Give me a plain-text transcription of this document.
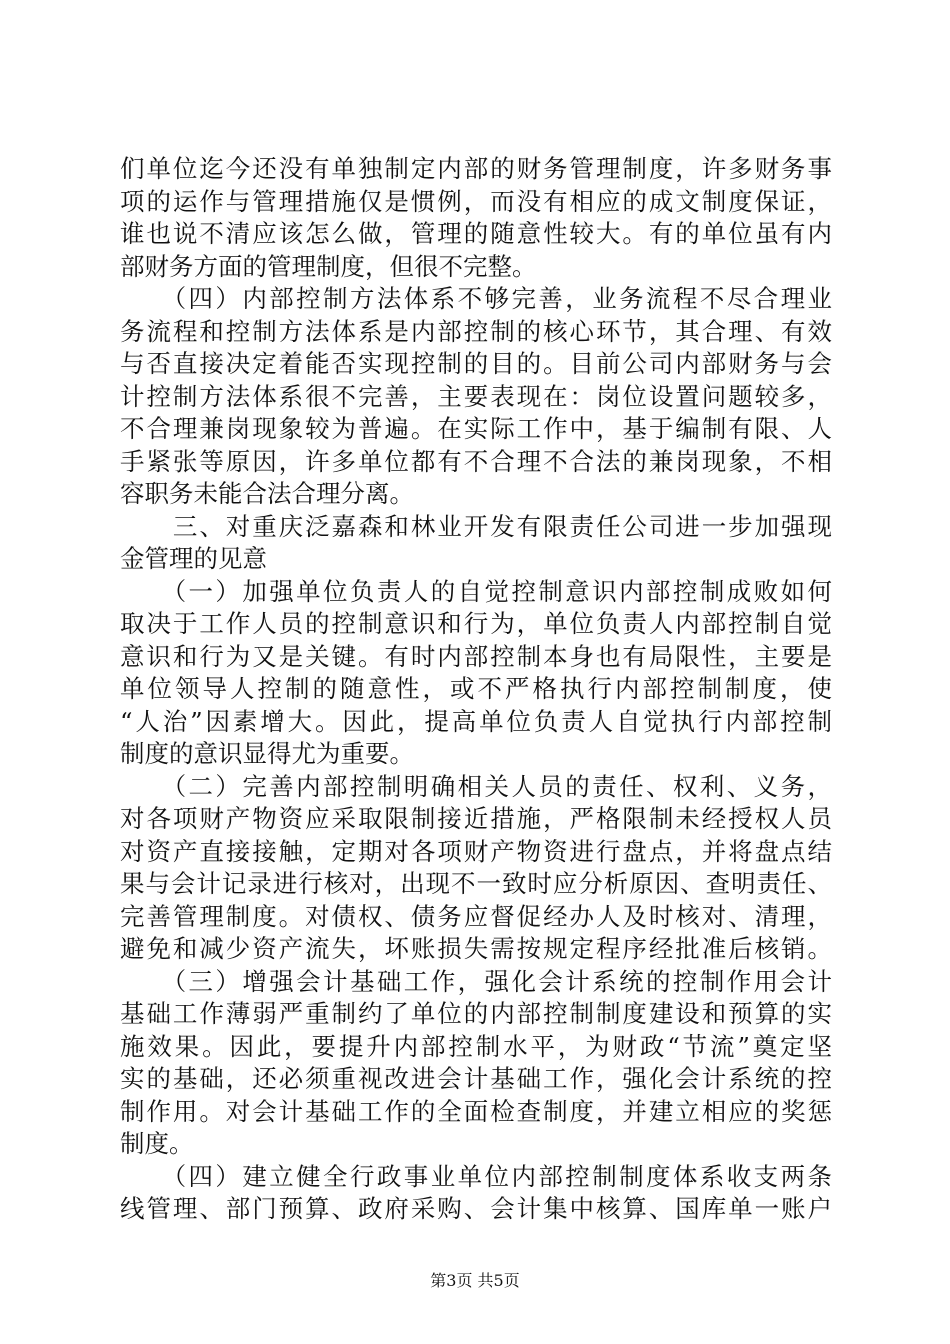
们单位迄今还没有单独制定内部的财务管理制度，许多财务事
项的运作与管理措施仅是惯例，而没有相应的成文制度保证，
谁也说不清应该怎么做，管理的随意性较大。有的单位虽有内
部财务方面的管理制度，但很不完整。
　　（四）内部控制方法体系不够完善，业务流程不尽合理业
务流程和控制方法体系是内部控制的核心环节，其合理、有效
与否直接决定着能否实现控制的目的。目前公司内部财务与会
计控制方法体系很不完善，主要表现在：岗位设置问题较多，
不合理兼岗现象较为普遍。在实际工作中，基于编制有限、人
手紧张等原因，许多单位都有不合理不合法的兼岗现象，不相
容职务未能合法合理分离。
　　三、对重庆泛嘉森和林业开发有限责任公司进一步加强现
金管理的见意
　　（一）加强单位负责人的自觉控制意识内部控制成败如何
取决于工作人员的控制意识和行为，单位负责人内部控制自觉
意识和行为又是关键。有时内部控制本身也有局限性，主要是
单位领导人控制的随意性，或不严格执行内部控制制度，使
“人治”因素增大。因此，提高单位负责人自觉执行内部控制
制度的意识显得尤为重要。
　　（二）完善内部控制明确相关人员的责任、权利、义务，
对各项财产物资应采取限制接近措施，严格限制未经授权人员
对资产直接接触，定期对各项财产物资进行盘点，并将盘点结
果与会计记录进行核对，出现不一致时应分析原因、查明责任、
完善管理制度。对债权、债务应督促经办人及时核对、清理，
避免和减少资产流失，坏账损失需按规定程序经批准后核销。
　　（三）增强会计基础工作，强化会计系统的控制作用会计
基础工作薄弱严重制约了单位的内部控制制度建设和预算的实
施效果。因此，要提升内部控制水平，为财政“节流”奠定坚
实的基础，还必须重视改进会计基础工作，强化会计系统的控
制作用。对会计基础工作的全面检查制度，并建立相应的奖惩
制度。
　　（四）建立健全行政事业单位内部控制制度体系收支两条
线管理、部门预算、政府采购、会计集中核算、国库单一账户
第3页 共5页
